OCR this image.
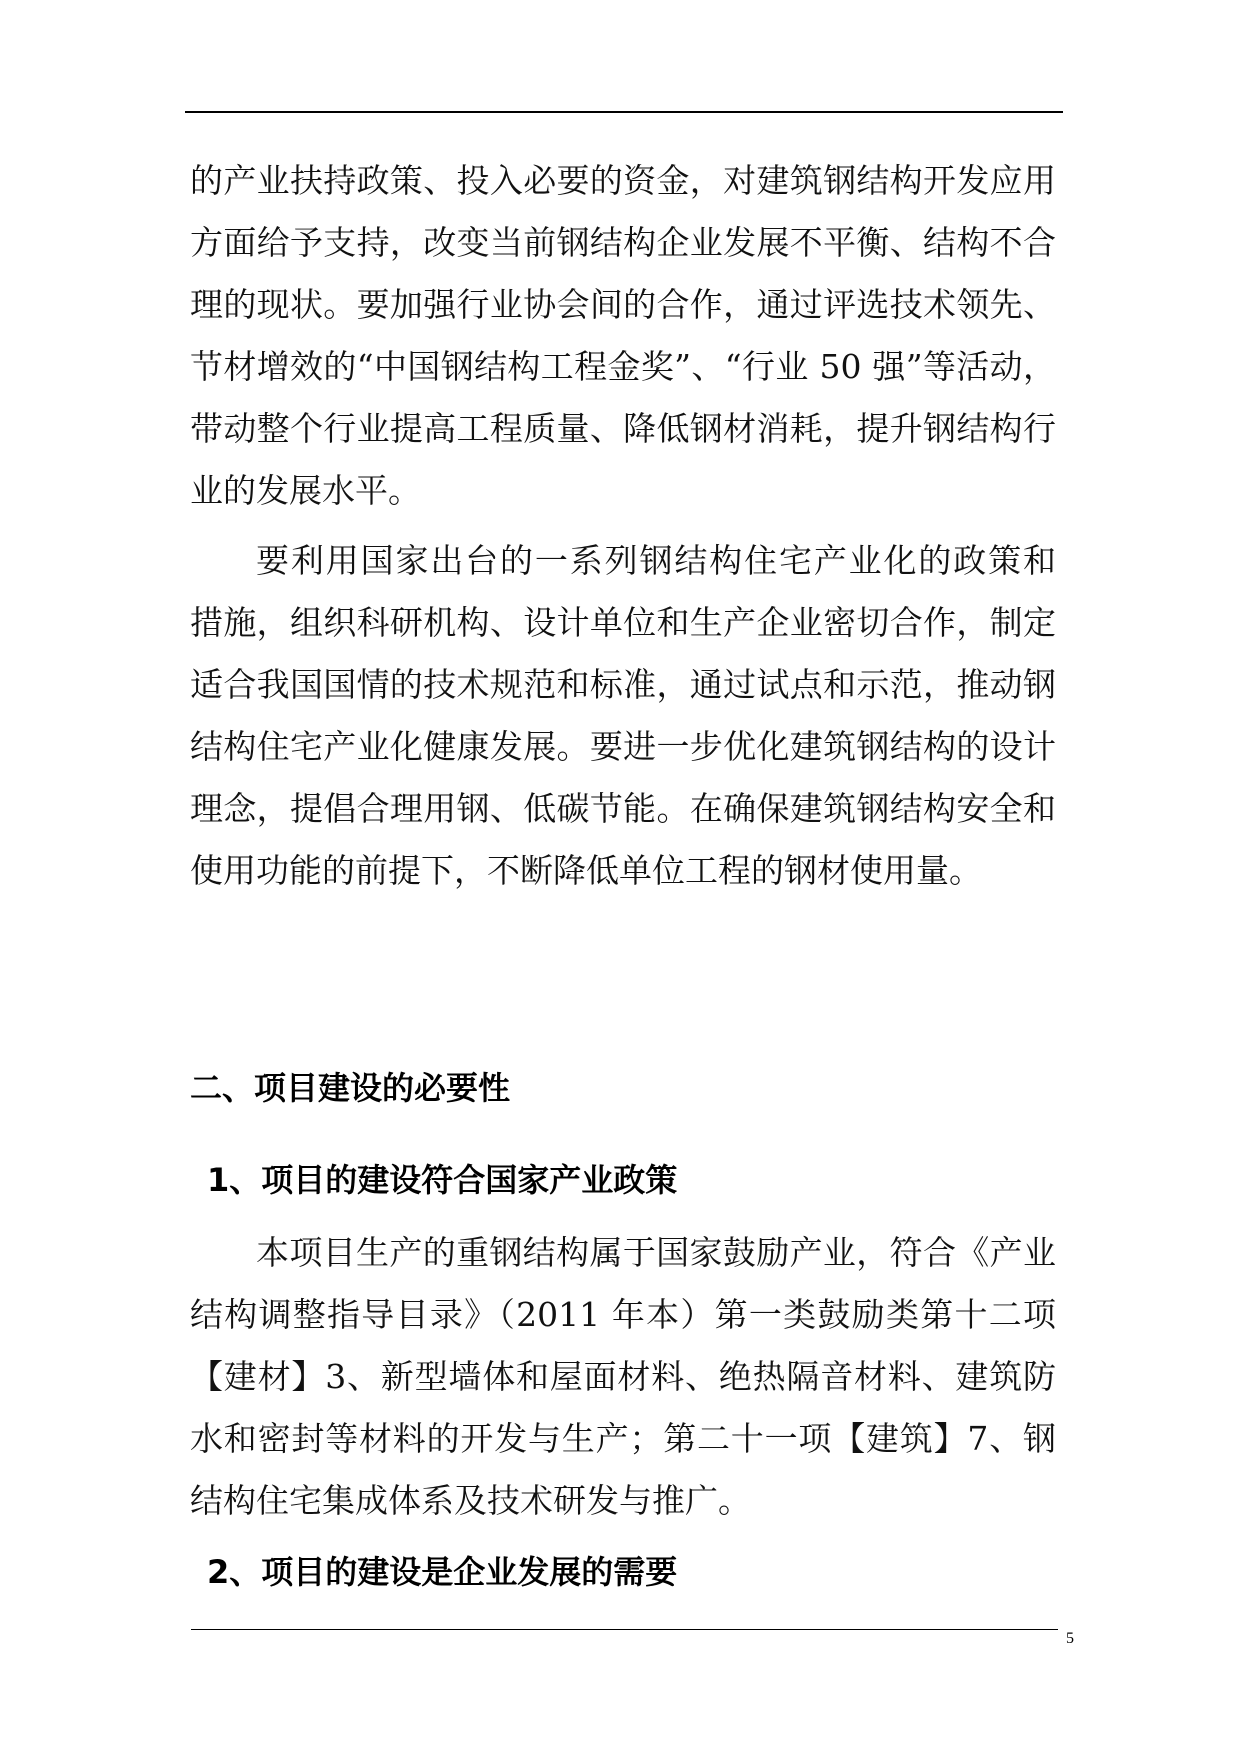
的产业扶持政策、投入必要的资金，对建筑钢结构开发应用
方面给予支持，改变当前钢结构企业发展不平衡、结构不合
理的现状。要加强行业协会间的合作，通过评选技术领先、
节材增效的“中国钢结构工程金奖”、“行业 50 强”等活动，
带动整个行业提高工程质量、降低钢材消耗，提升钢结构行
业的发展水平。
要利用国家出台的一系列钢结构住宅产业化的政策和
措施，组织科研机构、设计单位和生产企业密切合作，制定
适合我国国情的技术规范和标准，通过试点和示范，推动钢
结构住宅产业化健康发展。要进一步优化建筑钢结构的设计
理念，提倡合理用钢、低碳节能。在确保建筑钢结构安全和
使用功能的前提下，不断降低单位工程的钢材使用量。
二、项目建设的必要性
1、项目的建设符合国家产业政策
本项目生产的重钢结构属于国家鼓励产业，符合《产业
结构调整指导目录》（2011 年本）第一类鼓励类第十二项
【建材】3、新型墙体和屋面材料、绝热隔音材料、建筑防
水和密封等材料的开发与生产；第二十一项【建筑】7、钢
结构住宅集成体系及技术研发与推广。
2、项目的建设是企业发展的需要
5
